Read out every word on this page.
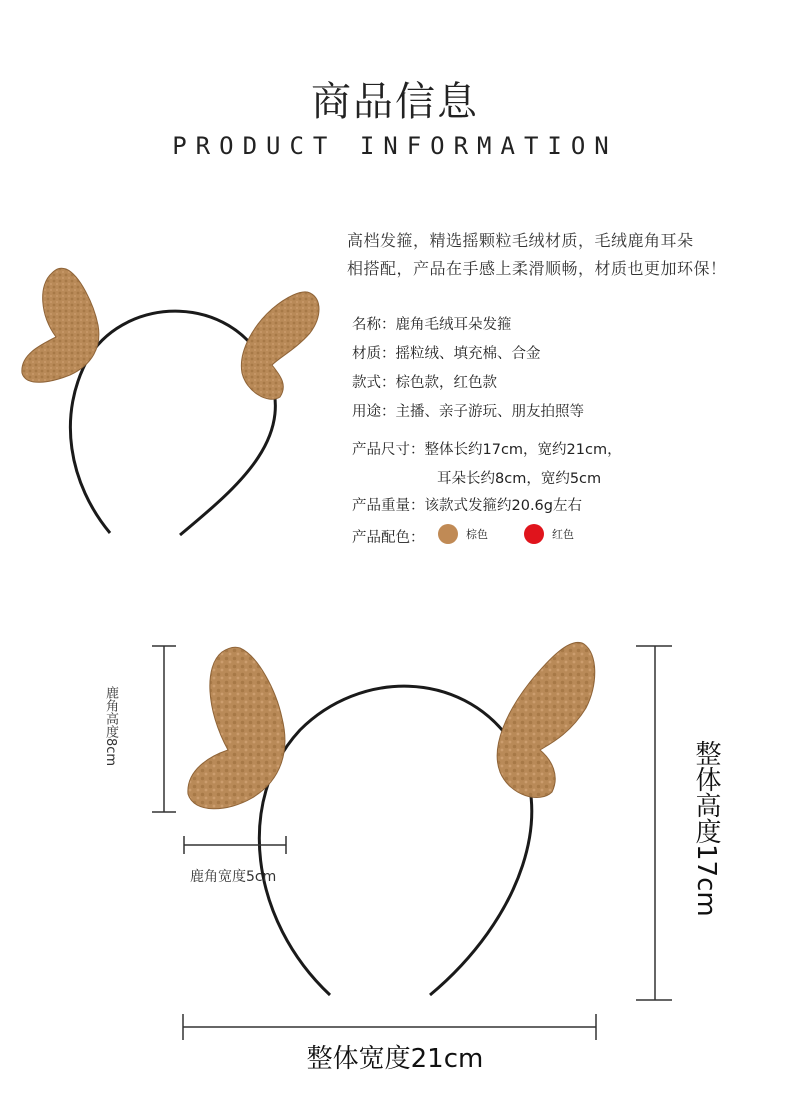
商品信息
PRODUCT INFORMATION
高档发箍，精选摇颗粒毛绒材质，毛绒鹿角耳朵
相搭配，产品在手感上柔滑顺畅，材质也更加环保！
名称：鹿角毛绒耳朵发箍
材质：摇粒绒、填充棉、合金
款式：棕色款，红色款
用途：主播、亲子游玩、朋友拍照等
产品尺寸：整体长约17cm，宽约21cm，
耳朵长约8cm，宽约5cm
产品重量：该款式发箍约20.6g左右
产品配色：	棕色	红色
鹿角高度8cm
鹿角宽度5cm	整体高度17cm
整体宽度21cm
